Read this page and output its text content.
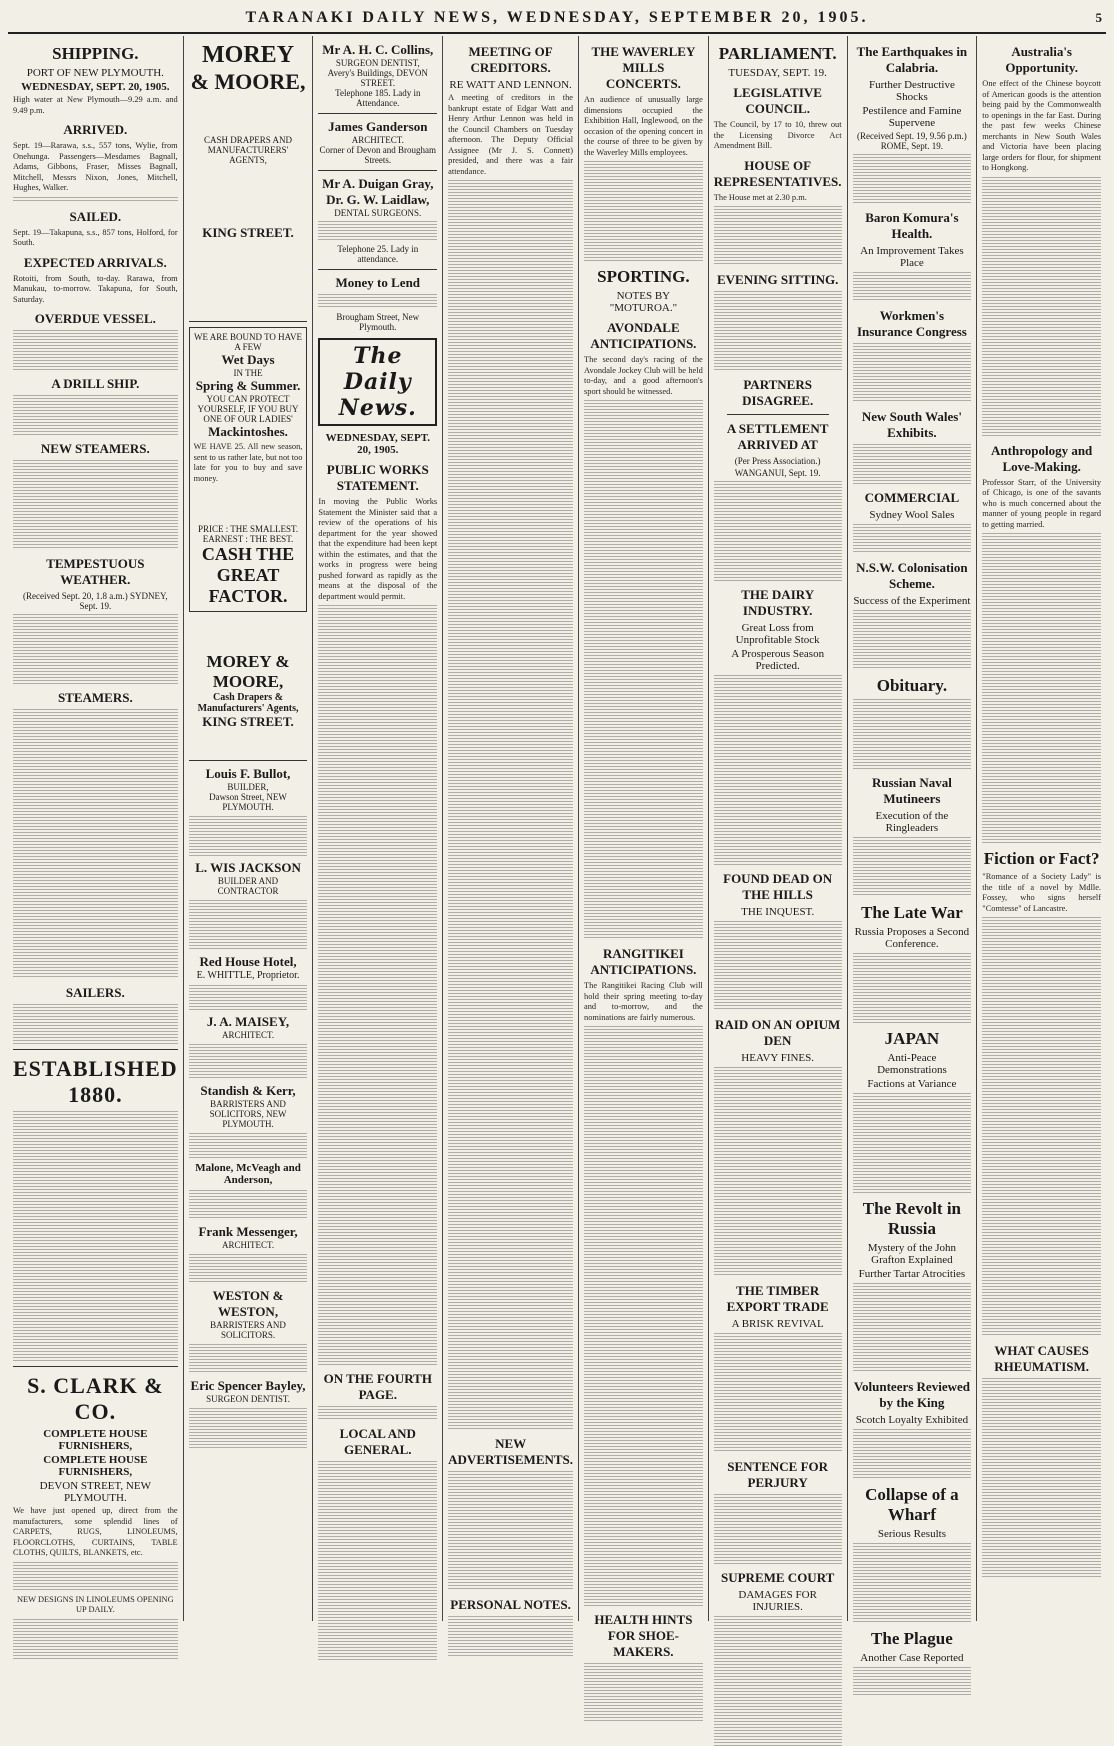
TARANAKI DAILY NEWS, WEDNESDAY, SEPTEMBER 20, 1905.	5
SHIPPING.
PORT OF NEW PLYMOUTH.
WEDNESDAY, SEPT. 20, 1905.
High water at New Plymouth—9.29 a.m. and 9.49 p.m.
ARRIVED.
Sept. 19—Rarawa, s.s., 557 tons, Wylie, from Onehunga. Passengers—Mesdames Bagnall, Adams, Gibbons, Fraser, Misses Bagnall, Mitchell, Messrs Nixon, Jones, Mitchell, Hughes, Walker.
SAILED.
Sept. 19—Takapuna, s.s., 857 tons, Holford, for South.
EXPECTED ARRIVALS.
Rotoiti, from South, to-day. Rarawa, from Manukau, to-morrow. Takapuna, for South, Saturday.
OVERDUE VESSEL.
A DRILL SHIP.
NEW STEAMERS.
TEMPESTUOUS WEATHER.
(Received Sept. 20, 1.8 a.m.) SYDNEY, Sept. 19.
STEAMERS.
SAILERS.
ESTABLISHED 1880.
S. CLARK & CO.
COMPLETE HOUSE FURNISHERS,
COMPLETE HOUSE FURNISHERS,
DEVON STREET, NEW PLYMOUTH.
We have just opened up, direct from the manufacturers, some splendid lines of CARPETS, RUGS, LINOLEUMS, FLOORCLOTHS, CURTAINS, TABLE CLOTHS, QUILTS, BLANKETS, etc.
NEW DESIGNS IN LINOLEUMS OPENING UP DAILY.
MOREY
& MOORE,
CASH DRAPERS AND MANUFACTURERS' AGENTS,
KING STREET.
WE ARE BOUND TO HAVE A FEW
Wet Days
IN THE
Spring & Summer.
YOU CAN PROTECT YOURSELF, IF YOU BUY ONE OF OUR LADIES'
Mackintoshes.
WE HAVE 25. All new season, sent to us rather late, but not too late for you to buy and save money.
PRICE : THE SMALLEST.
EARNEST : THE BEST.
CASH THE GREAT FACTOR.
MOREY & MOORE,
Cash Drapers & Manufacturers' Agents,
KING STREET.
Louis F. Bullot,
BUILDER,
Dawson Street, NEW PLYMOUTH.
L. WIS JACKSON
BUILDER AND CONTRACTOR
Red House Hotel,
E. WHITTLE, Proprietor.
J. A. MAISEY,
ARCHITECT.
Standish & Kerr,
BARRISTERS AND SOLICITORS, NEW PLYMOUTH.
Malone, McVeagh and Anderson,
Frank Messenger,
ARCHITECT.
WESTON & WESTON,
BARRISTERS AND SOLICITORS.
Eric Spencer Bayley,
SURGEON DENTIST.
Mr A. H. C. Collins,
SURGEON DENTIST,
Avery's Buildings, DEVON STREET.
Telephone 185. Lady in Attendance.
James Ganderson
ARCHITECT.
Corner of Devon and Brougham Streets.
Mr A. Duigan Gray,
Dr. G. W. Laidlaw,
DENTAL SURGEONS.
Telephone 25. Lady in attendance.
Money to Lend
Brougham Street, New Plymouth.
The Daily News.
WEDNESDAY, SEPT. 20, 1905.
PUBLIC WORKS STATEMENT.
In moving the Public Works Statement the Minister said that a review of the operations of his department for the year showed that the expenditure had been kept within the estimates, and that the works in progress were being pushed forward as rapidly as the means at the disposal of the department would permit.
ON THE FOURTH PAGE.
LOCAL AND GENERAL.
MEETING OF CREDITORS.
RE WATT AND LENNON.
A meeting of creditors in the bankrupt estate of Edgar Watt and Henry Arthur Lennon was held in the Council Chambers on Tuesday afternoon. The Deputy Official Assignee (Mr J. S. Connett) presided, and there was a fair attendance.
NEW ADVERTISEMENTS.
PERSONAL NOTES.
THE WAVERLEY MILLS CONCERTS.
An audience of unusually large dimensions occupied the Exhibition Hall, Inglewood, on the occasion of the opening concert in the course of three to be given by the Waverley Mills employees.
SPORTING.
NOTES BY "MOTUROA."
AVONDALE ANTICIPATIONS.
The second day's racing of the Avondale Jockey Club will be held to-day, and a good afternoon's sport should be witnessed.
RANGITIKEI ANTICIPATIONS.
The Rangitikei Racing Club will hold their spring meeting to-day and to-morrow, and the nominations are fairly numerous.
HEALTH HINTS FOR SHOE-MAKERS.
PARLIAMENT.
TUESDAY, SEPT. 19.
LEGISLATIVE COUNCIL.
The Council, by 17 to 10, threw out the Licensing Divorce Act Amendment Bill.
HOUSE OF REPRESENTATIVES.
The House met at 2.30 p.m.
EVENING SITTING.
PARTNERS DISAGREE.
A SETTLEMENT ARRIVED AT
(Per Press Association.)
WANGANUI, Sept. 19.
THE DAIRY INDUSTRY.
Great Loss from Unprofitable Stock
A Prosperous Season Predicted.
FOUND DEAD ON THE HILLS
THE INQUEST.
RAID ON AN OPIUM DEN
HEAVY FINES.
THE TIMBER EXPORT TRADE
A BRISK REVIVAL
SENTENCE FOR PERJURY
SUPREME COURT
DAMAGES FOR INJURIES.
The Earthquakes in Calabria.
Further Destructive Shocks
Pestilence and Famine Supervene
(Received Sept. 19, 9.56 p.m.) ROME, Sept. 19.
Baron Komura's Health.
An Improvement Takes Place
Workmen's Insurance Congress
New South Wales' Exhibits.
COMMERCIAL
Sydney Wool Sales
N.S.W. Colonisation Scheme.
Success of the Experiment
Obituary.
Russian Naval Mutineers
Execution of the Ringleaders
The Late War
Russia Proposes a Second Conference.
JAPAN
Anti-Peace Demonstrations
Factions at Variance
The Revolt in Russia
Mystery of the John Grafton Explained
Further Tartar Atrocities
Volunteers Reviewed by the King
Scotch Loyalty Exhibited
Collapse of a Wharf
Serious Results
The Plague
Another Case Reported
Australia's Opportunity.
One effect of the Chinese boycott of American goods is the attention being paid by the Commonwealth to openings in the far East. During the past few weeks Chinese merchants in New South Wales and Victoria have been placing large orders for flour, for shipment to Hongkong.
Anthropology and Love-Making.
Professor Starr, of the University of Chicago, is one of the savants who is much concerned about the manner of young people in regard to getting married.
Fiction or Fact?
"Romance of a Society Lady" is the title of a novel by Mdlle. Fossey, who signs herself "Comtesse" of Lancastre.
WHAT CAUSES RHEUMATISM.
